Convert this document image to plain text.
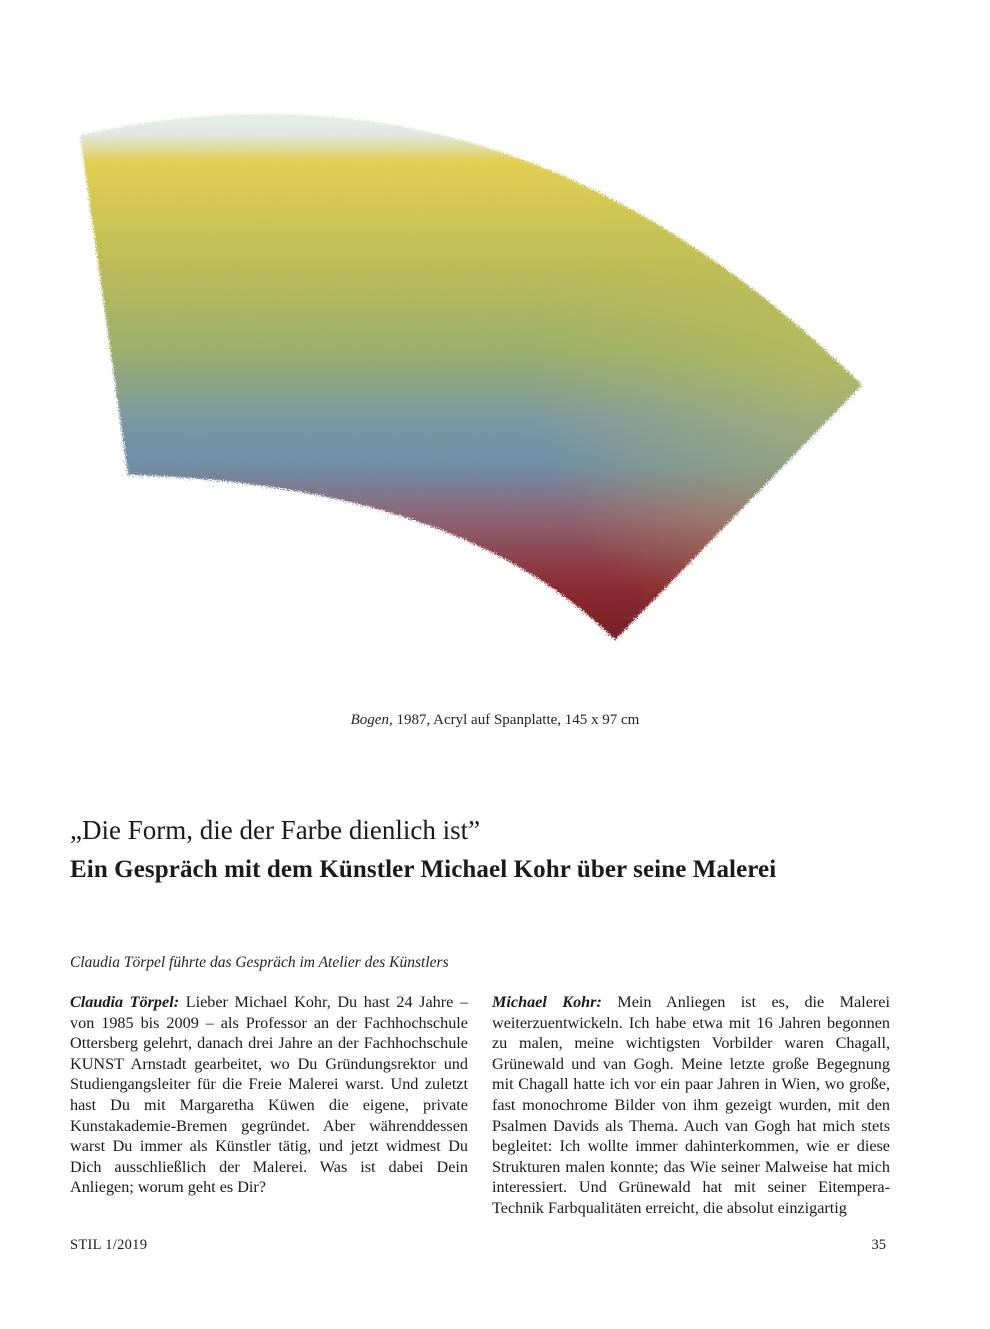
Bogen, 1987, Acryl auf Spanplatte, 145 x 97 cm
„Die Form, die der Farbe dienlich ist”
Ein Gespräch mit dem Künstler Michael Kohr über seine Malerei
Claudia Törpel führte das Gespräch im Atelier des Künstlers
Claudia Törpel: Lieber Michael Kohr, Du hast 24 Jahre – von 1985 bis 2009 – als Professor an der Fachhochschule Ottersberg gelehrt, danach drei Jahre an der Fachhochschule KUNST Arnstadt gearbeitet, wo Du Gründungsrektor und Studiengangsleiter für die Freie Malerei warst. Und zuletzt hast Du mit Margaretha Küwen die eigene, private Kunstakademie-Bremen gegründet. Aber währenddessen warst Du immer als Künstler tätig, und jetzt widmest Du Dich ausschließlich der Malerei. Was ist dabei Dein Anliegen; worum geht es Dir?
Michael Kohr: Mein Anliegen ist es, die Malerei weiterzuentwickeln. Ich habe etwa mit 16 Jahren begonnen zu malen, meine wichtigsten Vorbilder waren Chagall, Grünewald und van Gogh. Meine letzte große Begegnung mit Chagall hatte ich vor ein paar Jahren in Wien, wo große, fast monochrome Bilder von ihm gezeigt wurden, mit den Psalmen Davids als Thema. Auch van Gogh hat mich stets begleitet: Ich wollte immer dahinterkommen, wie er diese Strukturen malen konnte; das Wie seiner Malweise hat mich interessiert. Und Grünewald hat mit seiner Eitempera-Technik Farbqualitäten erreicht, die absolut einzigartig
STIL 1/2019	35
